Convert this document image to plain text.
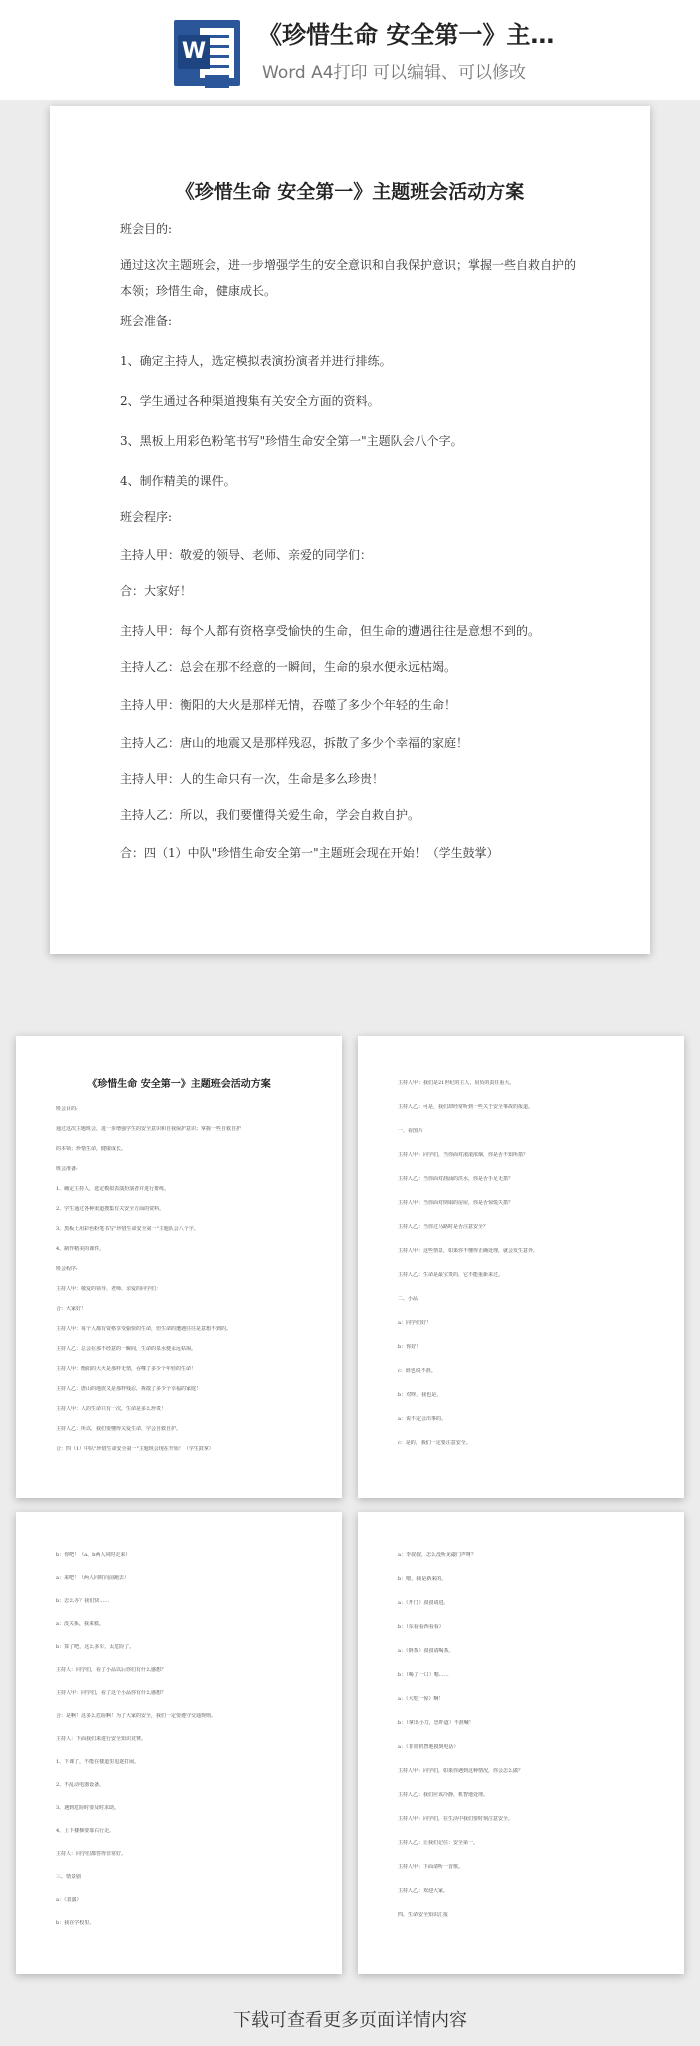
W
《珍惜生命 安全第一》主…
Word A4打印 可以编辑、可以修改
《珍惜生命 安全第一》主题班会活动方案
班会目的:
通过这次主题班会，进一步增强学生的安全意识和自我保护意识；掌握一些自救自护的本领；珍惜生命，健康成长。
班会准备:
1、确定主持人，选定模拟表演扮演者并进行排练。
2、学生通过各种渠道搜集有关安全方面的资料。
3、黑板上用彩色粉笔书写"珍惜生命安全第一"主题队会八个字。
4、制作精美的课件。
班会程序:
主持人甲：敬爱的领导、老师、亲爱的同学们：
合：大家好！
主持人甲：每个人都有资格享受愉快的生命，但生命的遭遇往往是意想不到的。
主持人乙：总会在那不经意的一瞬间，生命的泉水便永远枯竭。
主持人甲：衡阳的大火是那样无情，吞噬了多少个年轻的生命！
主持人乙：唐山的地震又是那样残忍，拆散了多少个幸福的家庭！
主持人甲：人的生命只有一次，生命是多么珍贵！
主持人乙：所以，我们要懂得关爱生命，学会自救自护。
合：四（1）中队"珍惜生命安全第一"主题班会现在开始！（学生鼓掌）
《珍惜生命 安全第一》主题班会活动方案
班会目的:
通过这次主题班会，进一步增强学生的安全意识和自我保护意识；掌握一些自救自护
的本领；珍惜生命，健康成长。
班会准备:
1、确定主持人，选定模拟表演扮演者并进行排练。
2、学生通过各种渠道搜集有关安全方面的资料。
3、黑板上用彩色粉笔书写"珍惜生命安全第一"主题队会八个字。
4、制作精美的课件。
班会程序:
主持人甲：敬爱的领导、老师、亲爱的同学们：
合：大家好！
主持人甲：每个人都有资格享受愉快的生命，但生命的遭遇往往是意想不到的。
主持人乙：总会在那不经意的一瞬间，生命的泉水便永远枯竭。
主持人甲：衡阳的大火是那样无情，吞噬了多少个年轻的生命！
主持人乙：唐山的地震又是那样残忍，拆散了多少个幸福的家庭！
主持人甲：人的生命只有一次，生命是多么珍贵！
主持人乙：所以，我们要懂得关爱生命，学会自救自护。
合：四（1）中队"珍惜生命安全第一"主题班会现在开始！（学生鼓掌）
主持人甲：我们是21世纪的主人，肩负的责任重大。
主持人乙：可是，我们却经常听到一些关于安全事故的报道。
一、看图片
主持人甲：同学们，当你面对滚滚浓烟，你是否不知所措？
主持人乙：当你面对汹涌的洪水，你是否手足无措？
主持人甲：当你面对倒塌的房屋，你是否惊慌失措？
主持人乙：当你过马路时是否注意安全？
主持人甲：这些情景，如果你不懂得正确处理，就会发生意外。
主持人乙：生命是最宝贵的，它不能重新来过。
二、小品
a：同学们好！
b：你好！
c：谁也说不准。
b：对呀，我也是。
a：说不定会出事的。
c：是的，我们一定要注意安全。
b：你吧！（a、b两人同时走来）
a：来吧！（两人同时向前跑去）
b：怎么办？我们快……
a：没关系，我来救。
b：算了吧，这么多车，太危险了。
主持人：同学们，看了小品以后你们有什么感想？
主持人甲：同学们，看了这个小品你有什么感想？
合：是啊！这多么危险啊！为了大家的安全，我们一定要遵守交通规则。
主持人：下面我们来进行安全知识竞赛。
1、下课了，不能在楼道里追逐打闹。
2、不乱动电器设备。
3、遇到危险时要及时求助。
4、上下楼梯要靠右行走。
主持人：同学们都答得非常好。
三、情景剧
a：（表演）
b：我在学校里。
a：李叔叔，怎么没听见敲门声呀？
b：嗯，我是新来的。
a：（开门）叔叔请进。
b：（东看看西看看）
a：（倒茶）叔叔请喝茶。
b：（喝了一口）嗯……
a：（大吃一惊）啊！
b：（拿出小刀，恐吓道）不准喊！
a：（非常机智地摸到电话）
主持人甲：同学们，如果你遇到这种情况，你会怎么做？
主持人乙：我们应该冷静，机智地处理。
主持人甲：同学们，在生活中我们要时刻注意安全。
主持人乙：让我们记住：安全第一。
主持人甲：下面请听一首歌。
主持人乙：欢迎大家。
四、生命安全知识汇报
下载可查看更多页面详情内容
